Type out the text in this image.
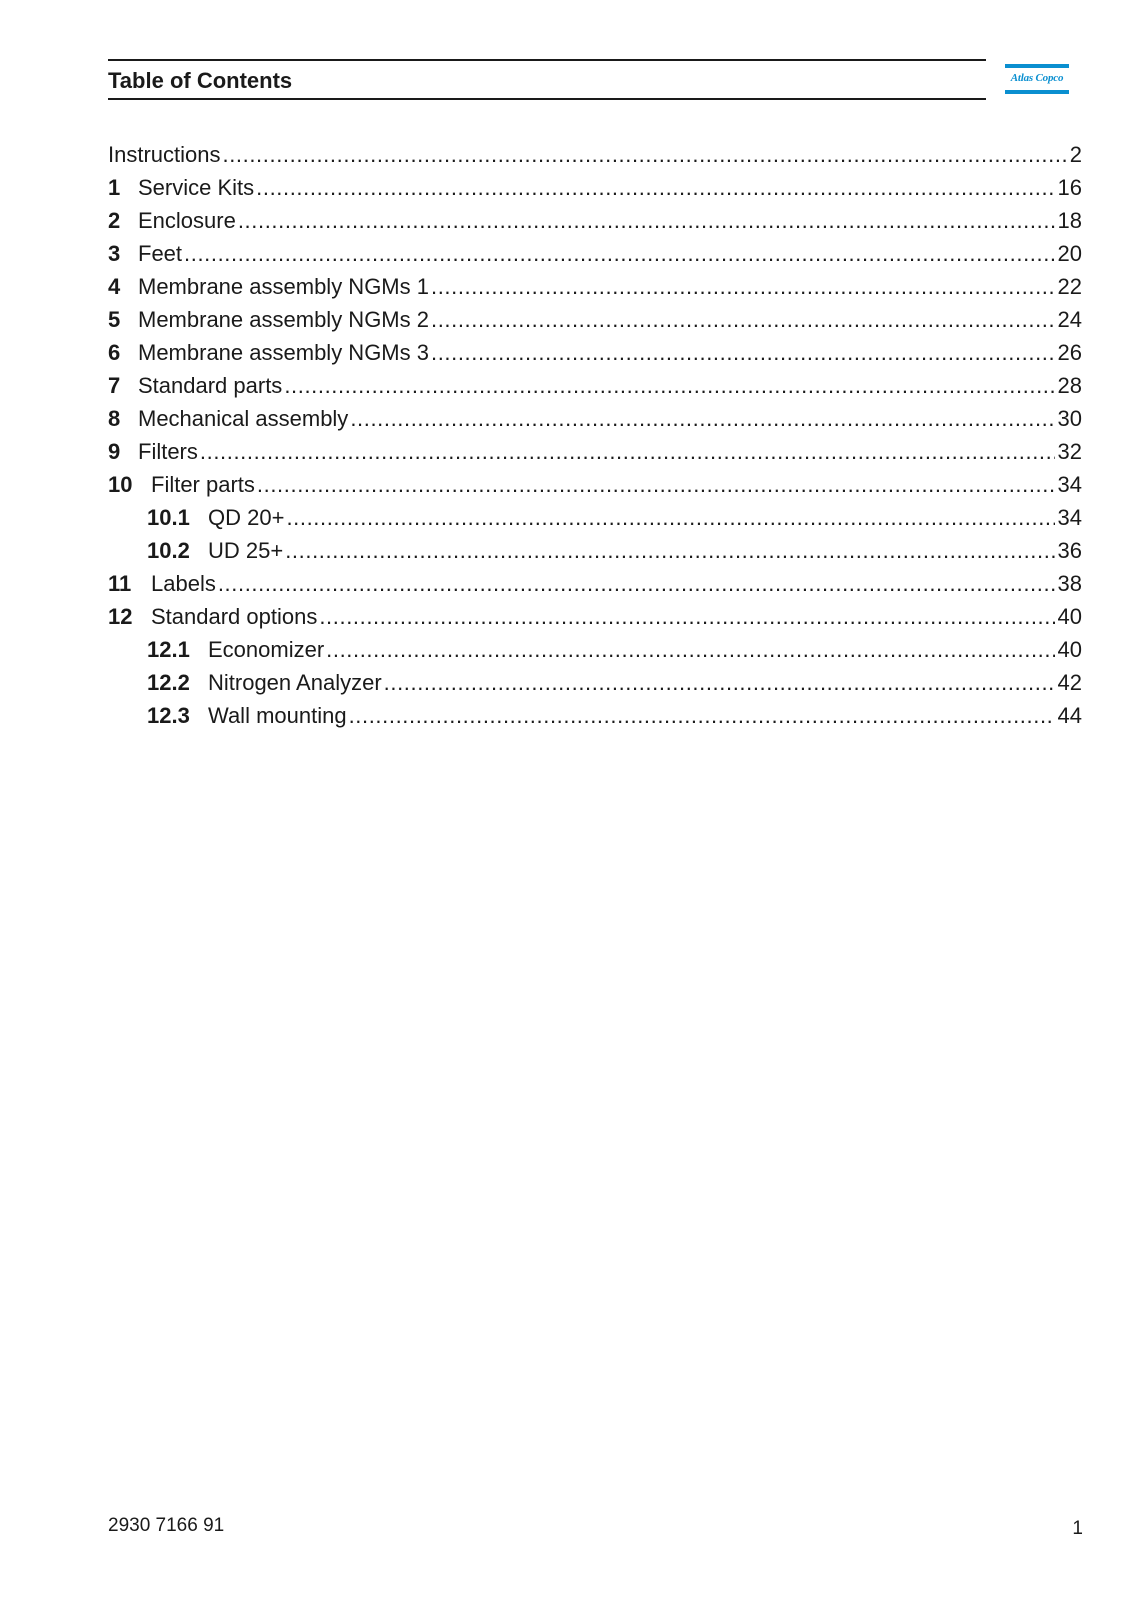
Table of Contents	Atlas Copco
Instructions .....	2
1 Service Kits .....	16
2 Enclosure .....	18
3 Feet .....	20
4 Membrane assembly NGMs 1 .....	22
5 Membrane assembly NGMs 2 .....	24
6 Membrane assembly NGMs 3 .....	26
7 Standard parts .....	28
8 Mechanical assembly .....	30
9 Filters .....	32
10 Filter parts .....	34
10.1 QD 20+ .....	34
10.2 UD 25+ .....	36
11 Labels .....	38
12 Standard options .....	40
12.1 Economizer .....	40
12.2 Nitrogen Analyzer .....	42
12.3 Wall mounting .....	44
2930 7166 91	1
